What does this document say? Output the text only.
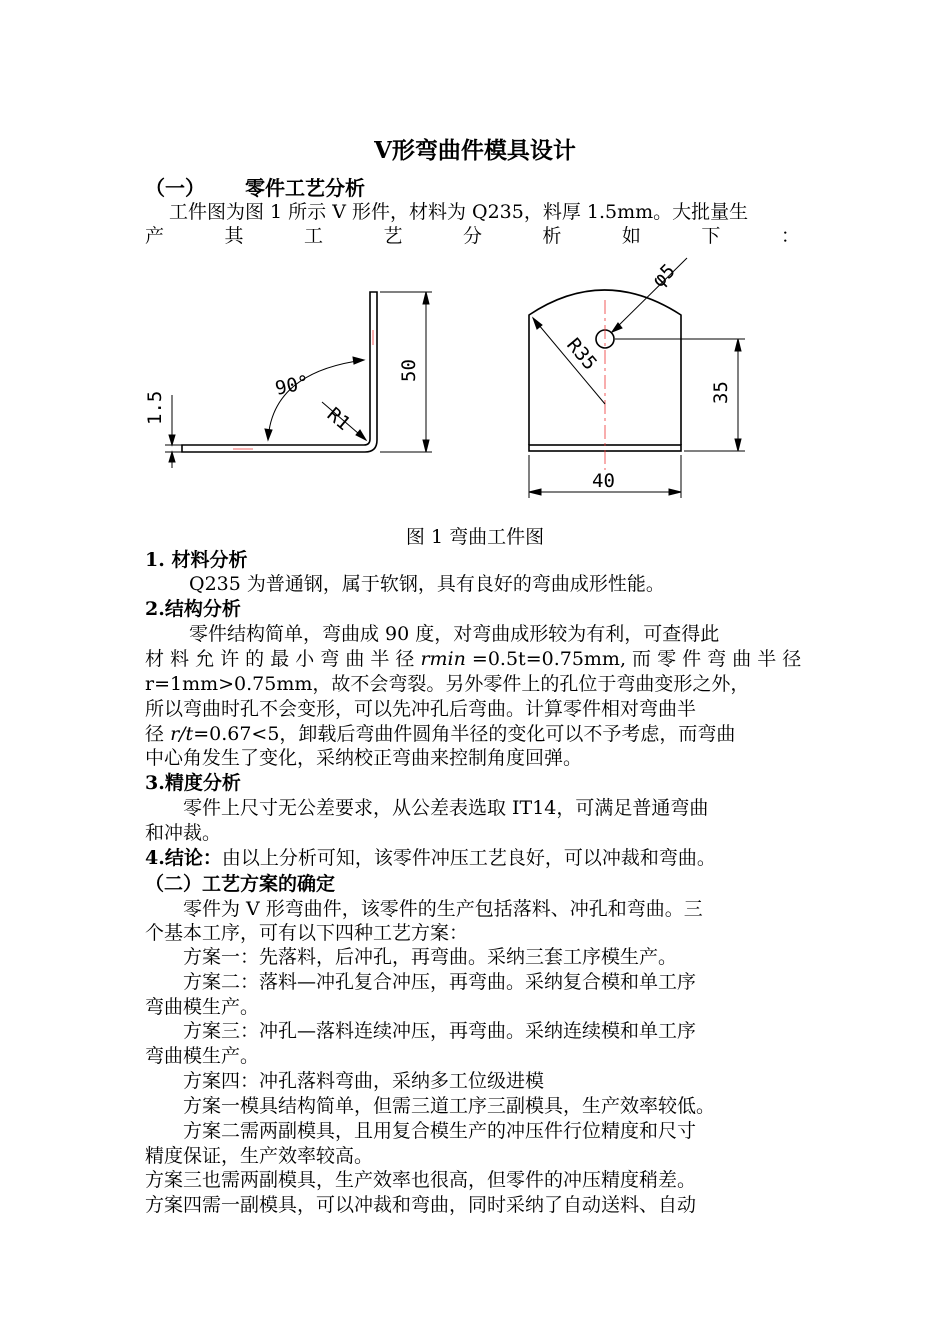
V形弯曲件模具设计
（一） 零件工艺分析
工件图为图 1 所示 V 形件，材料为 Q235，料厚 1.5mm。大批量生
产	其	工	艺	分	析	如	下	：
90°
R1
50
1.5
φ5
R35
35
40
图 1 弯曲工件图
1. 材料分析
Q235 为普通钢，属于软钢，具有良好的弯曲成形性能。
2.结构分析
零件结构简单，弯曲成 90 度，对弯曲成形较为有利，可查得此
材 料 允 许 的 最 小 弯 曲 半 径 rmin =0.5t=0.75mm, 而 零 件 弯 曲 半 径
r=1mm>0.75mm，故不会弯裂。另外零件上的孔位于弯曲变形之外，
所以弯曲时孔不会变形，可以先冲孔后弯曲。计算零件相对弯曲半
径 r/t=0.67<5，卸载后弯曲件圆角半径的变化可以不予考虑，而弯曲
中心角发生了变化，采纳校正弯曲来控制角度回弹。
3.精度分析
零件上尺寸无公差要求，从公差表选取 IT14，可满足普通弯曲
和冲裁。
4.结论：由以上分析可知，该零件冲压工艺良好，可以冲裁和弯曲。
（二）工艺方案的确定
零件为 V 形弯曲件，该零件的生产包括落料、冲孔和弯曲。三
个基本工序，可有以下四种工艺方案：
方案一：先落料，后冲孔，再弯曲。采纳三套工序模生产。
方案二：落料—冲孔复合冲压，再弯曲。采纳复合模和单工序
弯曲模生产。
方案三：冲孔—落料连续冲压，再弯曲。采纳连续模和单工序
弯曲模生产。
方案四：冲孔落料弯曲，采纳多工位级进模
方案一模具结构简单，但需三道工序三副模具，生产效率较低。
方案二需两副模具，且用复合模生产的冲压件行位精度和尺寸
精度保证，生产效率较高。
方案三也需两副模具，生产效率也很高，但零件的冲压精度稍差。
方案四需一副模具，可以冲裁和弯曲，同时采纳了自动送料、自动
